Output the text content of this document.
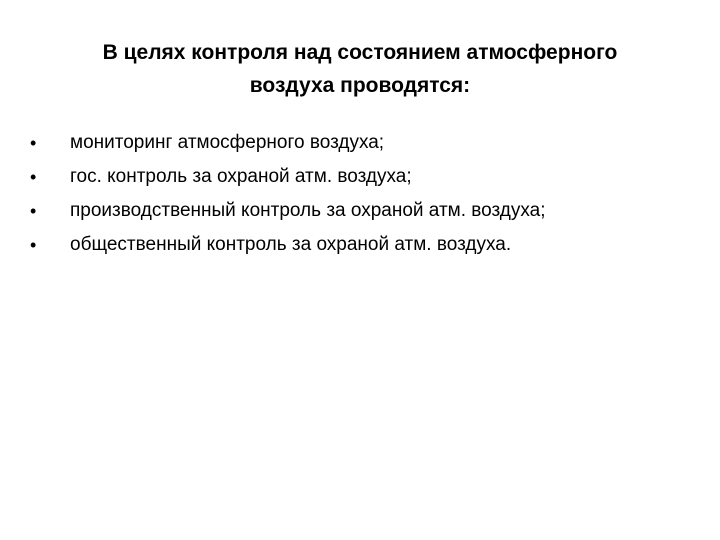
В целях контроля над состоянием атмосферного
воздуха проводятся:
•	мониторинг атмосферного воздуха;
•	гос. контроль за охраной атм. воздуха;
•	производственный контроль за охраной атм. воздуха;
•	общественный контроль за охраной атм. воздуха.
